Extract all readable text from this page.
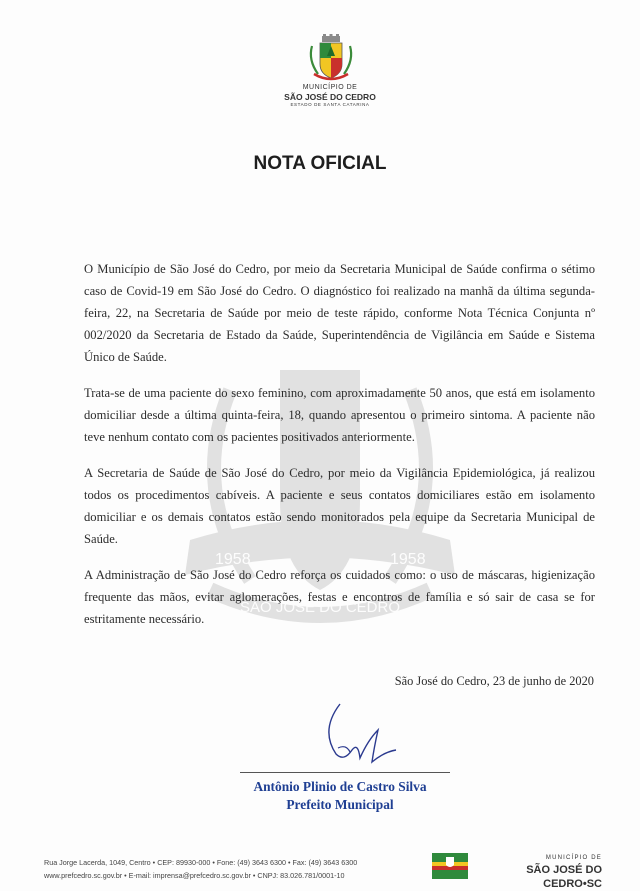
MUNICÍPIO DE
SÃO JOSÉ DO CEDRO
ESTADO DE SANTA CATARINA
NOTA OFICIAL
1958	1958
SÃO JOSÉ DO CEDRO

O Município de São José do Cedro, por meio da Secretaria Municipal de Saúde confirma o sétimo caso de Covid-19 em São José do Cedro. O diagnóstico foi realizado na manhã da última segunda-feira, 22, na Secretaria de Saúde por meio de teste rápido, conforme Nota Técnica Conjunta nº 002/2020 da Secretaria de Estado da Saúde, Superintendência de Vigilância em Saúde e Sistema Único de Saúde.

Trata-se de uma paciente do sexo feminino, com aproximadamente 50 anos, que está em isolamento domiciliar desde a última quinta-feira, 18, quando apresentou o primeiro sintoma. A paciente não teve nenhum contato com os pacientes positivados anteriormente.

A Secretaria de Saúde de São José do Cedro, por meio da Vigilância Epidemiológica, já realizou todos os procedimentos cabíveis. A paciente e seus contatos domiciliares estão em isolamento domiciliar e os demais contatos estão sendo monitorados pela equipe da Secretaria Municipal de Saúde.

A Administração de São José do Cedro reforça os cuidados como: o uso de máscaras, higienização frequente das mãos, evitar aglomerações, festas e encontros de família e só sair de casa se for estritamente necessário.

São José do Cedro, 23 de junho de 2020
Antônio Plinio de Castro Silva
Prefeito Municipal
Rua Jorge Lacerda, 1049, Centro • CEP: 89930-000 • Fone: (49) 3643 6300 • Fax: (49) 3643 6300
www.prefcedro.sc.gov.br • E-mail: imprensa@prefcedro.sc.gov.br • CNPJ: 83.026.781/0001-10
MUNICÍPIO DE
SÃO JOSÉ DO CEDRO•SC
